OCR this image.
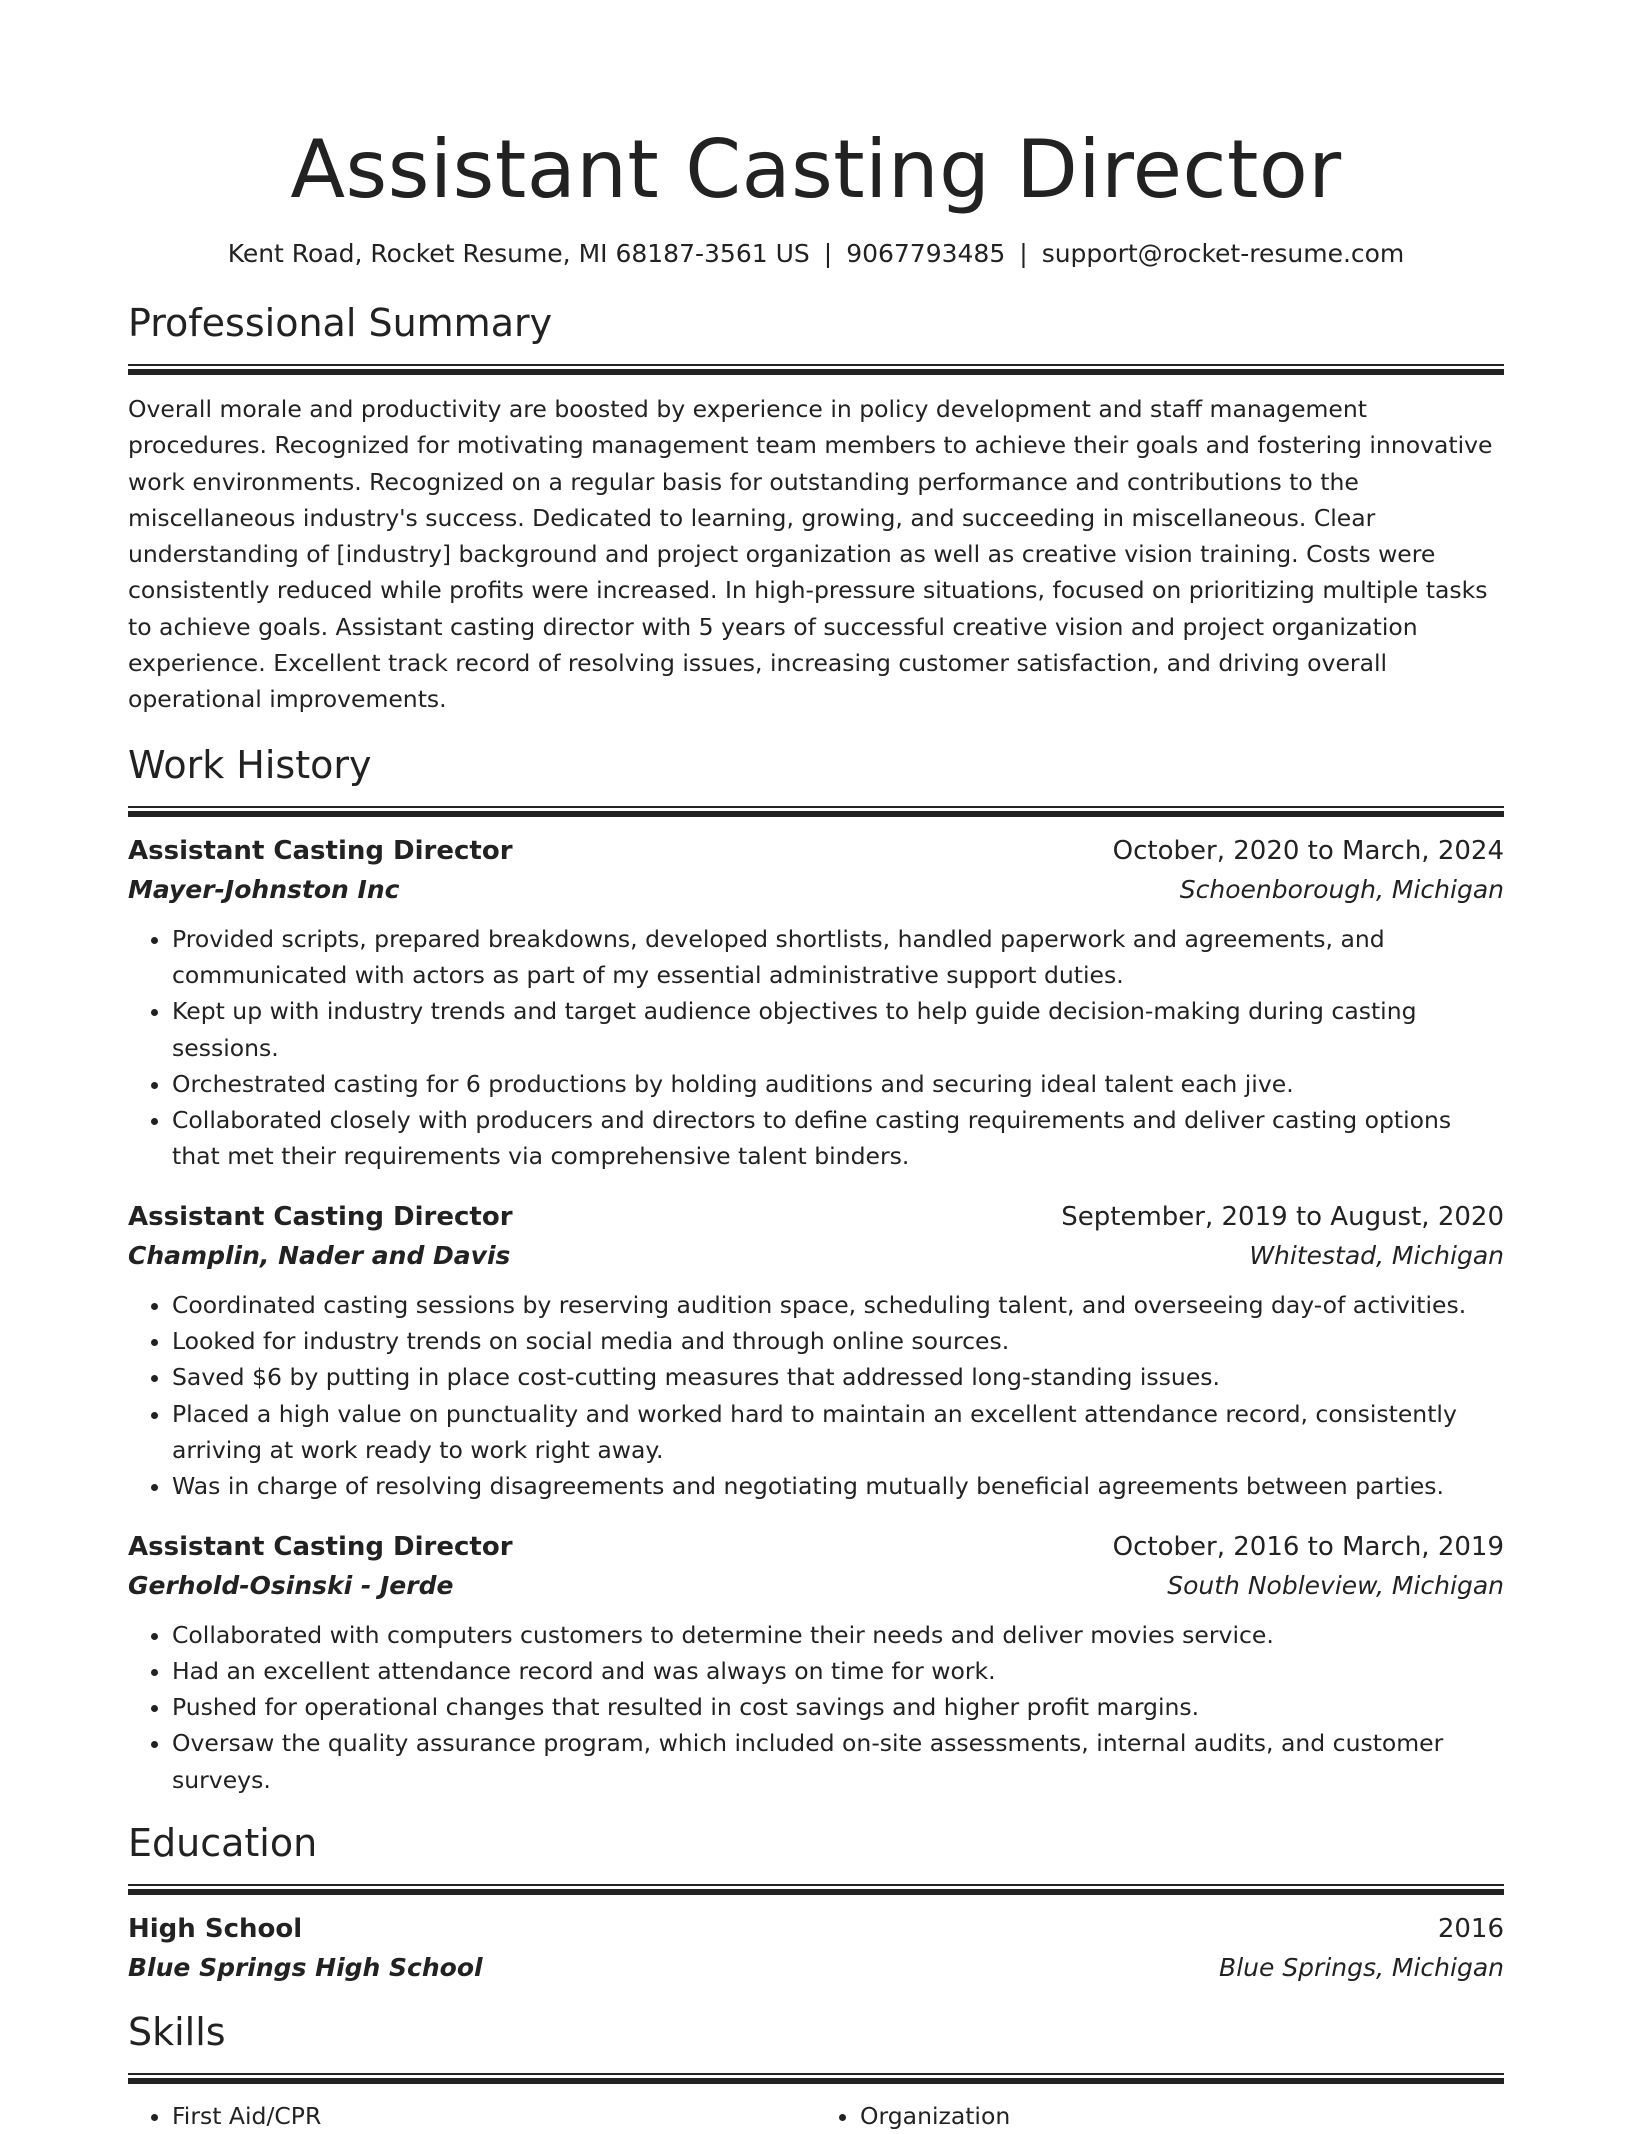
Assistant Casting Director
Kent Road, Rocket Resume, MI 68187-3561 US | 9067793485 | support@rocket-resume.com
Professional Summary

Overall morale and productivity are boosted by experience in policy development and staff management procedures. Recognized for motivating management team members to achieve their goals and fostering innovative work environments. Recognized on a regular basis for outstanding performance and contributions to the miscellaneous industry's success. Dedicated to learning, growing, and succeeding in miscellaneous. Clear understanding of [industry] background and project organization as well as creative vision training. Costs were consistently reduced while profits were increased. In high-pressure situations, focused on prioritizing multiple tasks to achieve goals. Assistant casting director with 5 years of successful creative vision and project organization experience. Excellent track record of resolving issues, increasing customer satisfaction, and driving overall operational improvements.

Work History
Assistant Casting Director	October, 2020 to March, 2024
Mayer-Johnston Inc	Schoenborough, Michigan
• Provided scripts, prepared breakdowns, developed shortlists, handled paperwork and agreements, and communicated with actors as part of my essential administrative support duties.
• Kept up with industry trends and target audience objectives to help guide decision-making during casting sessions.
• Orchestrated casting for 6 productions by holding auditions and securing ideal talent each jive.
• Collaborated closely with producers and directors to define casting requirements and deliver casting options that met their requirements via comprehensive talent binders.
Assistant Casting Director	September, 2019 to August, 2020
Champlin, Nader and Davis	Whitestad, Michigan
• Coordinated casting sessions by reserving audition space, scheduling talent, and overseeing day-of activities.
• Looked for industry trends on social media and through online sources.
• Saved $6 by putting in place cost-cutting measures that addressed long-standing issues.
• Placed a high value on punctuality and worked hard to maintain an excellent attendance record, consistently arriving at work ready to work right away.
• Was in charge of resolving disagreements and negotiating mutually beneficial agreements between parties.
Assistant Casting Director	October, 2016 to March, 2019
Gerhold-Osinski - Jerde	South Nobleview, Michigan
• Collaborated with computers customers to determine their needs and deliver movies service.
• Had an excellent attendance record and was always on time for work.
• Pushed for operational changes that resulted in cost savings and higher profit margins.
• Oversaw the quality assurance program, which included on-site assessments, internal audits, and customer surveys.
Education
High School	2016
Blue Springs High School	Blue Springs, Michigan
Skills
• First Aid/CPR
•	Organization
